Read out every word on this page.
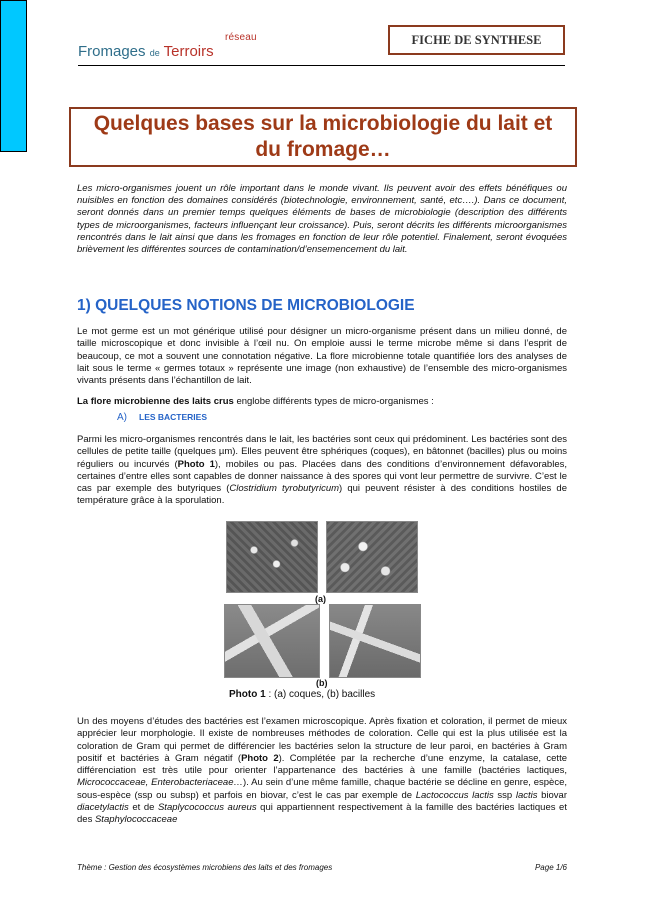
réseau
Fromages de Terroirs
FICHE DE SYNTHESE
Quelques bases sur la microbiologie du lait et du fromage…
Les micro-organismes jouent un rôle important dans le monde vivant. Ils peuvent avoir des effets bénéfiques ou nuisibles en fonction des domaines considérés (biotechnologie, environnement, santé, etc….). Dans ce document, seront donnés dans un premier temps quelques éléments de bases de microbiologie (description des différents types de microorganismes, facteurs influençant leur croissance). Puis, seront décrits les différents microorganismes rencontrés dans le lait ainsi que dans les fromages en fonction de leur rôle potentiel. Finalement, seront évoquées brièvement les différentes sources de contamination/d’ensemencement du lait.
1) QUELQUES NOTIONS DE MICROBIOLOGIE
Le mot germe est un mot générique utilisé pour désigner un micro-organisme présent dans un milieu donné, de taille microscopique et donc invisible à l’œil nu. On emploie aussi le terme microbe même si dans l’esprit de beaucoup, ce mot a souvent une connotation négative. La flore microbienne totale quantifiée lors des analyses de lait sous le terme « germes totaux » représente une image (non exhaustive) de l’ensemble des micro-organismes vivants présents dans l’échantillon de lait.
La flore microbienne des laits crus englobe différents types de micro-organismes :
A) LES BACTERIES
Parmi les micro-organismes rencontrés dans le lait, les bactéries sont ceux qui prédominent. Les bactéries sont des cellules de petite taille (quelques µm). Elles peuvent être sphériques (coques), en bâtonnet (bacilles) plus ou moins réguliers ou incurvés (Photo 1), mobiles ou pas. Placées dans des conditions d’environnement défavorables, certaines d’entre elles sont capables de donner naissance à des spores qui vont leur permettre de survivre. C’est le cas par exemple des butyriques (Clostridium tyrobutyricum) qui peuvent résister à des conditions hostiles de température grâce à la sporulation.
(a)
(b)
Photo 1 : (a) coques, (b) bacilles
Un des moyens d’études des bactéries est l’examen microscopique. Après fixation et coloration, il permet de mieux apprécier leur morphologie. Il existe de nombreuses méthodes de coloration. Celle qui est la plus utilisée est la coloration de Gram qui permet de différencier les bactéries selon la structure de leur paroi, en bactéries à Gram positif et bactéries à Gram négatif (Photo 2). Complétée par la recherche d’une enzyme, la catalase, cette différenciation est très utile pour orienter l’appartenance des bactéries à une famille (bactéries lactiques, Micrococcaceae, Enterobacteriaceae…). Au sein d’une même famille, chaque bactérie se décline en genre, espèce, sous-espèce (ssp ou subsp) et parfois en biovar, c’est le cas par exemple de Lactococcus lactis ssp lactis biovar diacetylactis et de Staplycococcus aureus qui appartiennent respectivement à la famille des bactéries lactiques et des Staphylococcaceae
Thème : Gestion des écosystèmes microbiens des laits et des fromages	Page 1/6
